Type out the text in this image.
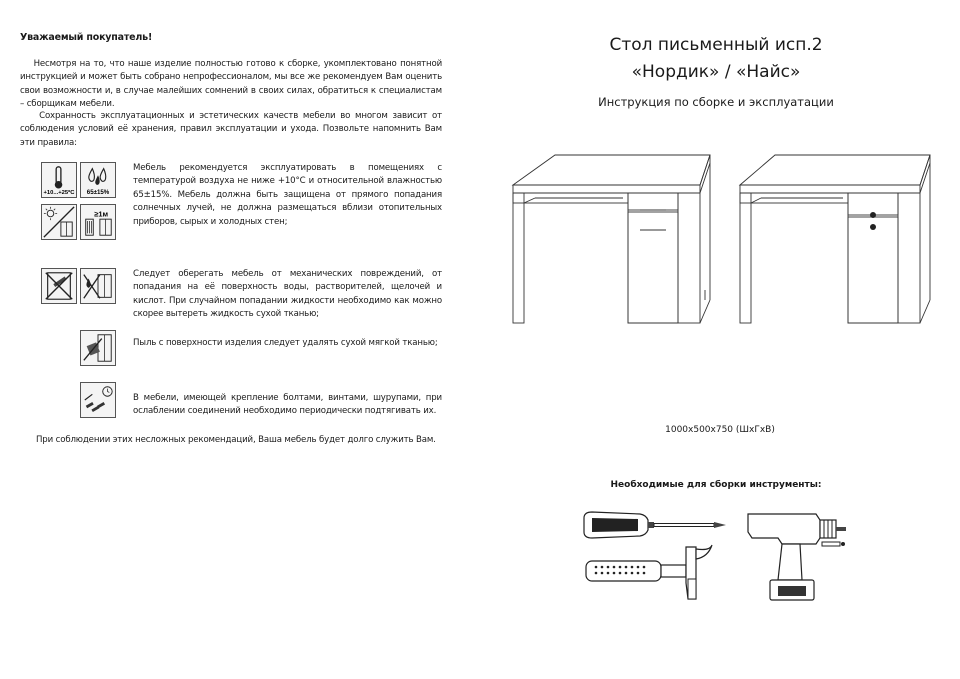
Уважаемый покупатель!
Несмотря на то, что наше изделие полностью готово к сборке, укомплектовано понятной инструкцией и может быть собрано непрофессионалом, мы все же рекомендуем Вам оценить свои возможности и, в случае малейших сомнений в своих силах, обратиться к специалистам – сборщикам мебели.
Сохранность эксплуатационных и эстетических качеств мебели во многом зависит от соблюдения условий её хранения, правил эксплуатации и ухода. Позвольте напомнить Вам эти правила:
+10...+25ºС 65±15%
≥1м
Мебель рекомендуется эксплуатировать в помещениях с температурой воздуха не ниже +10°С и относительной влажностью 65±15%. Мебель должна быть защищена от прямого попадания солнечных лучей, не должна размещаться вблизи отопительных приборов, сырых и холодных стен;
Следует оберегать мебель от механических повреждений, от попадания на её поверхность воды, растворителей, щелочей и кислот. При случайном попадании жидкости необходимо как можно скорее вытереть жидкость сухой тканью;
Пыль с поверхности изделия следует удалять сухой мягкой тканью;
В мебели, имеющей крепление болтами, винтами, шурупами, при ослаблении соединений необходимо периодически подтягивать их.
При соблюдении этих несложных рекомендаций, Ваша мебель будет долго служить Вам.
Стол письменный исп.2
«Нордик» / «Найс»
Инструкция по сборке и эксплуатации
1000х500х750 (ШхГхВ)
Необходимые для сборки инструменты:
